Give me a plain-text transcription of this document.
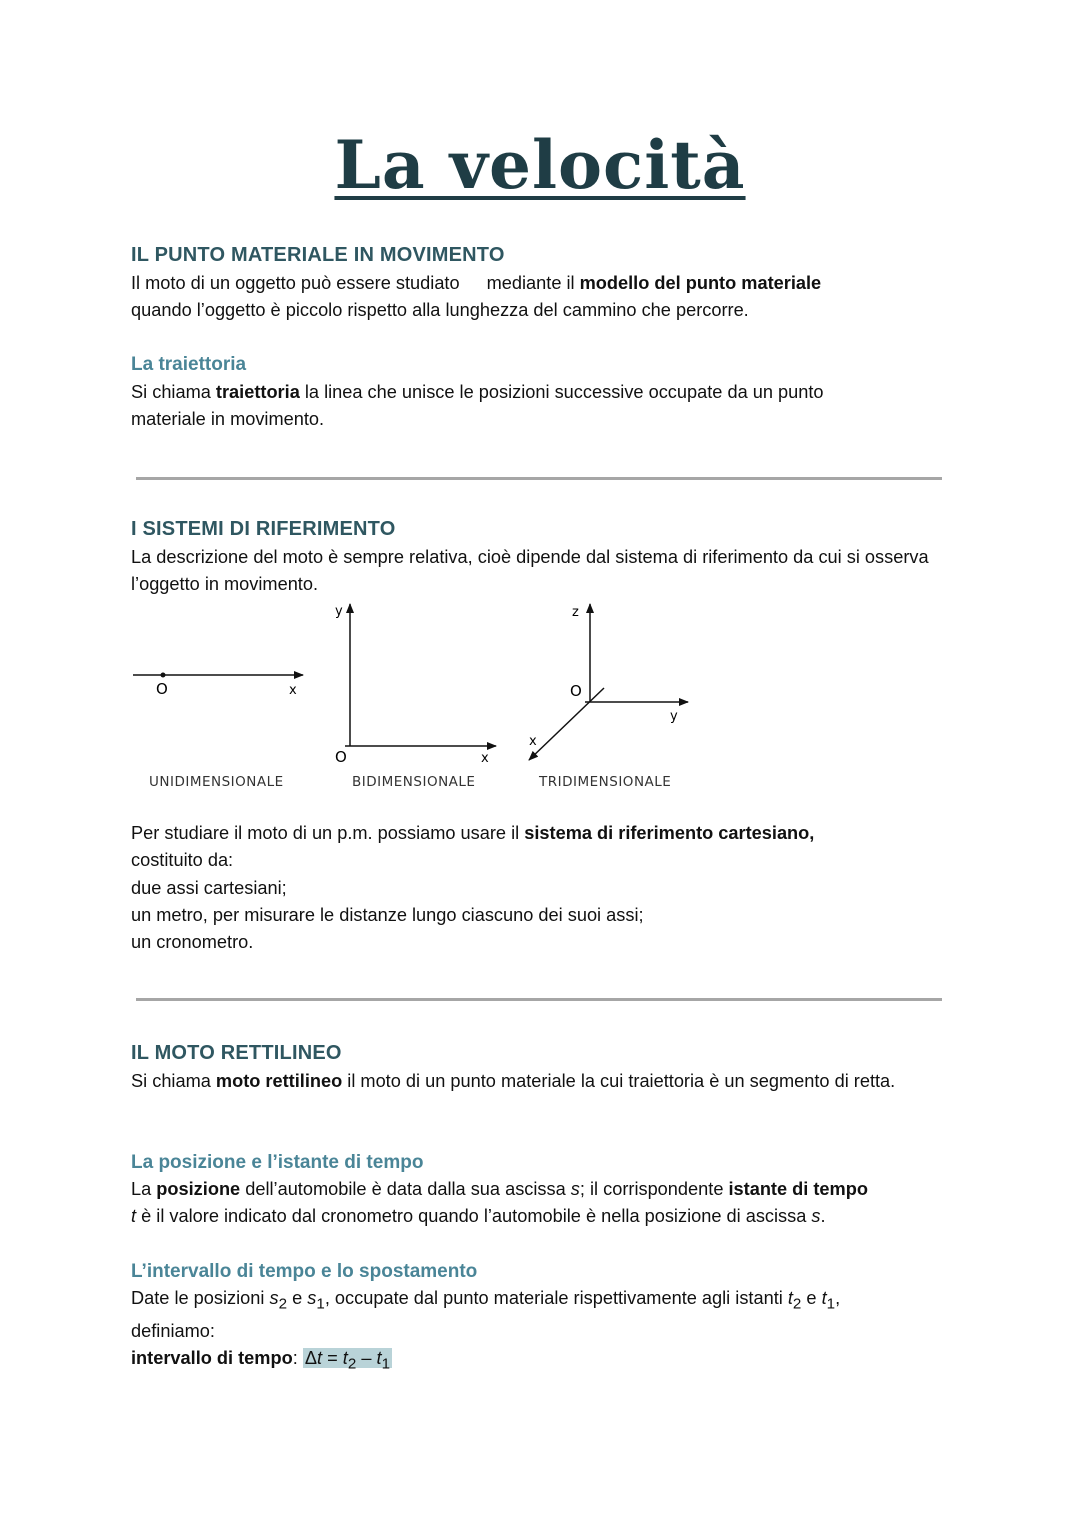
La velocità
IL PUNTO MATERIALE IN MOVIMENTO
Il moto di un oggetto può essere studiato mediante il modello del punto materiale
quando l’oggetto è piccolo rispetto alla lunghezza del cammino che percorre.
La traiettoria
Si chiama traiettoria la linea che unisce le posizioni successive occupate da un punto materiale in movimento.
I SISTEMI DI RIFERIMENTO
La descrizione del moto è sempre relativa, cioè dipende dal sistema di riferimento da cui si osserva l’oggetto in movimento.
O	x
UNIDIMENSIONALE
y
O	x
BIDIMENSIONALE
z
O
y
x
TRIDIMENSIONALE
Per studiare il moto di un p.m. possiamo usare il sistema di riferimento cartesiano,
costituito da:
due assi cartesiani;
un metro, per misurare le distanze lungo ciascuno dei suoi assi;
un cronometro.
IL MOTO RETTILINEO
Si chiama moto rettilineo il moto di un punto materiale la cui traiettoria è un segmento di retta.
La posizione e l’istante di tempo
La posizione dell’automobile è data dalla sua ascissa s; il corrispondente istante di tempo
t è il valore indicato dal cronometro quando l’automobile è nella posizione di ascissa s.
L’intervallo di tempo e lo spostamento
Date le posizioni $s_2$ e $s_1$, occupate dal punto materiale rispettivamente agli istanti $t_2$ e $t_1$,
definiamo:
intervallo di tempo: $\Delta t = t_2 - t_1$
